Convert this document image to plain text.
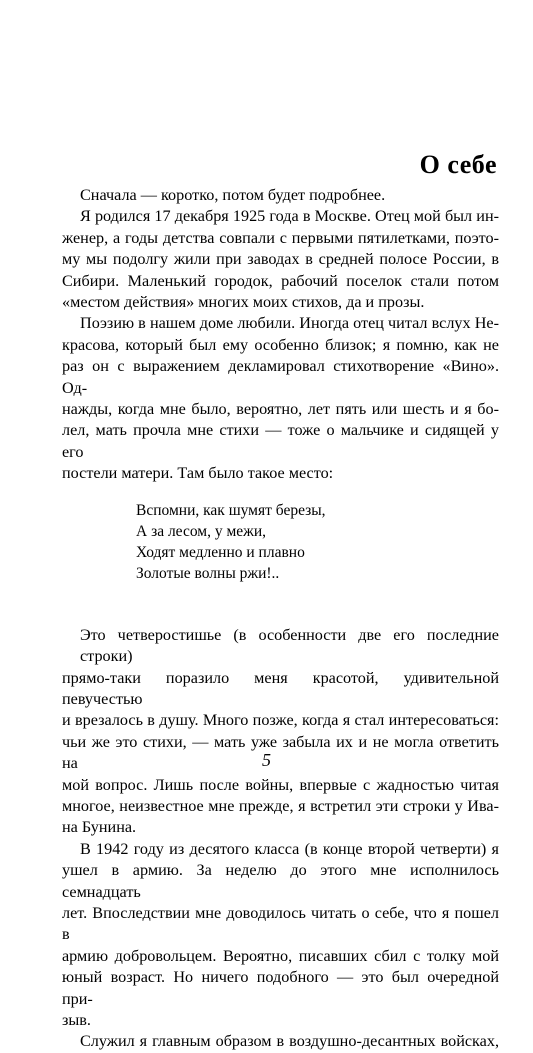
О себе
Сначала — коротко, потом будет подробнее.
Я родился 17 декабря 1925 года в Москве. Отец мой был ин-
женер, а годы детства совпали с первыми пятилетками, поэто-
му мы подолгу жили при заводах в средней полосе России, в
Сибири. Маленький городок, рабочий поселок стали потом
«местом действия» многих моих стихов, да и прозы.
Поэзию в нашем доме любили. Иногда отец читал вслух Не-
красова, который был ему особенно близок; я помню, как не
раз он с выражением декламировал стихотворение «Вино». Од-
нажды, когда мне было, вероятно, лет пять или шесть и я бо-
лел, мать прочла мне стихи — тоже о мальчике и сидящей у его
постели матери. Там было такое место:
Вспомни, как шумят березы,
А за лесом, у межи,
Ходят медленно и плавно
Золотые волны ржи!..
Это четверостишье (в особенности две его последние строки)
прямо-таки поразило меня красотой, удивительной певучестью
и врезалось в душу. Много позже, когда я стал интересоваться:
чьи же это стихи, — мать уже забыла их и не могла ответить на
мой вопрос. Лишь после войны, впервые с жадностью читая
многое, неизвестное мне прежде, я встретил эти строки у Ива-
на Бунина.
В 1942 году из десятого класса (в конце второй четверти) я
ушел в армию. За неделю до этого мне исполнилось семнадцать
лет. Впоследствии мне доводилось читать о себе, что я пошел в
армию добровольцем. Вероятно, писавших сбил с толку мой
юный возраст. Но ничего подобного — это был очередной при-
зыв.
Служил я главным образом в воздушно-десантных войсках,
5
